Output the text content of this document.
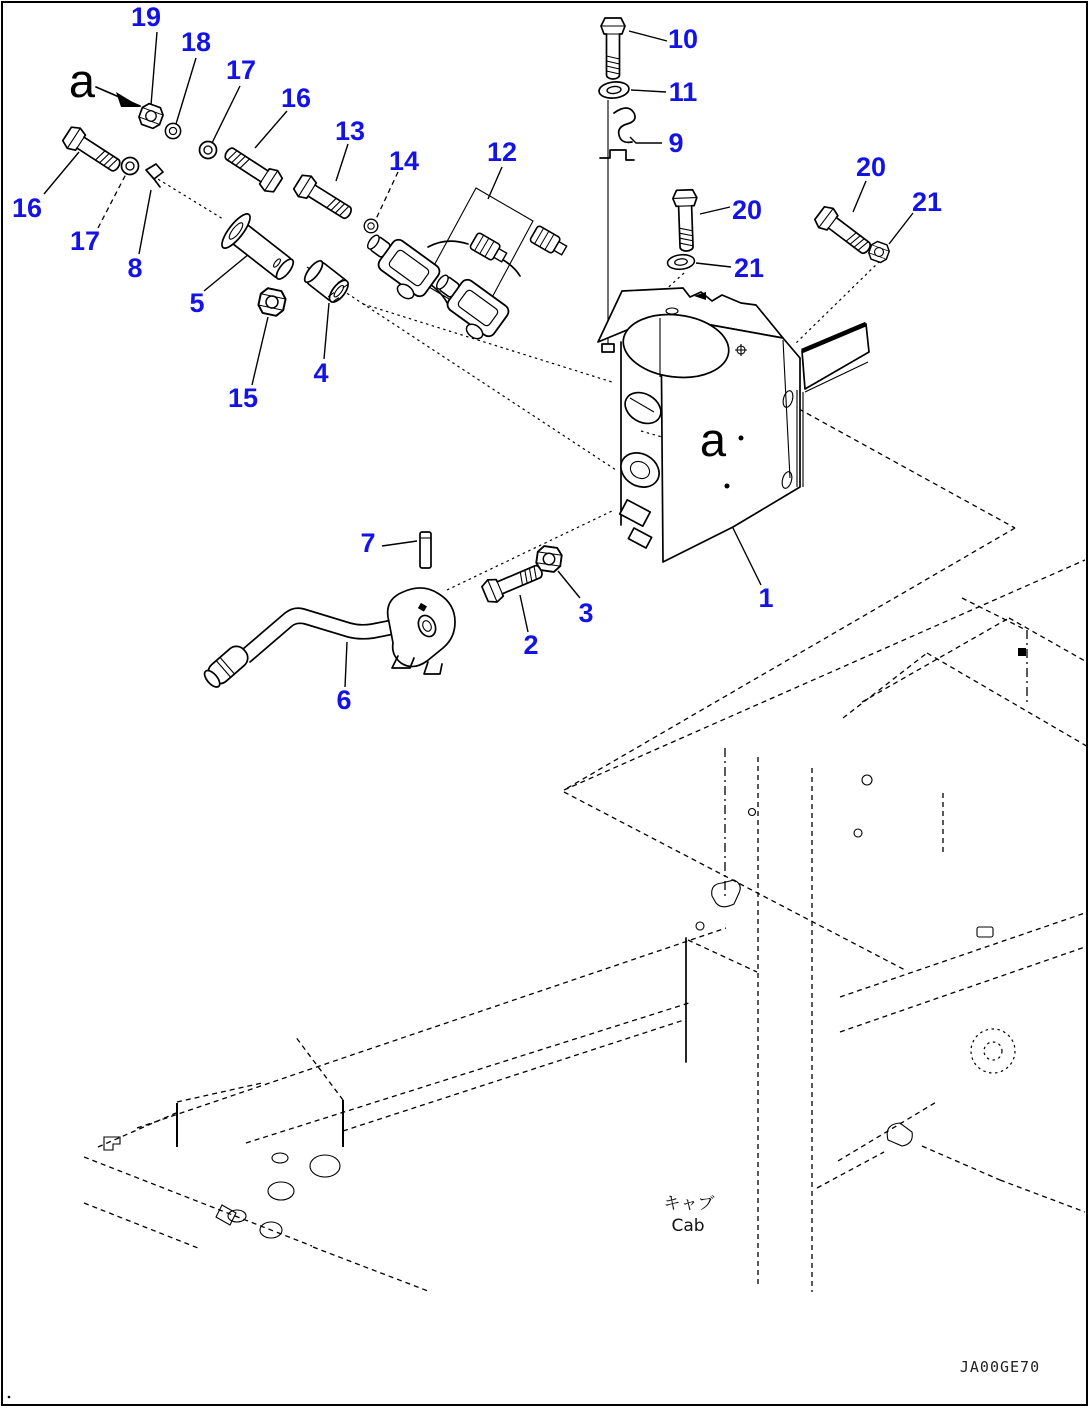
19
18
17
16
13
14	12
10
11
9
20
21
20
21
16
17
8
5
15
4
7
6
2
3	1
a
a
キャブ
Cab
JA00GE70
